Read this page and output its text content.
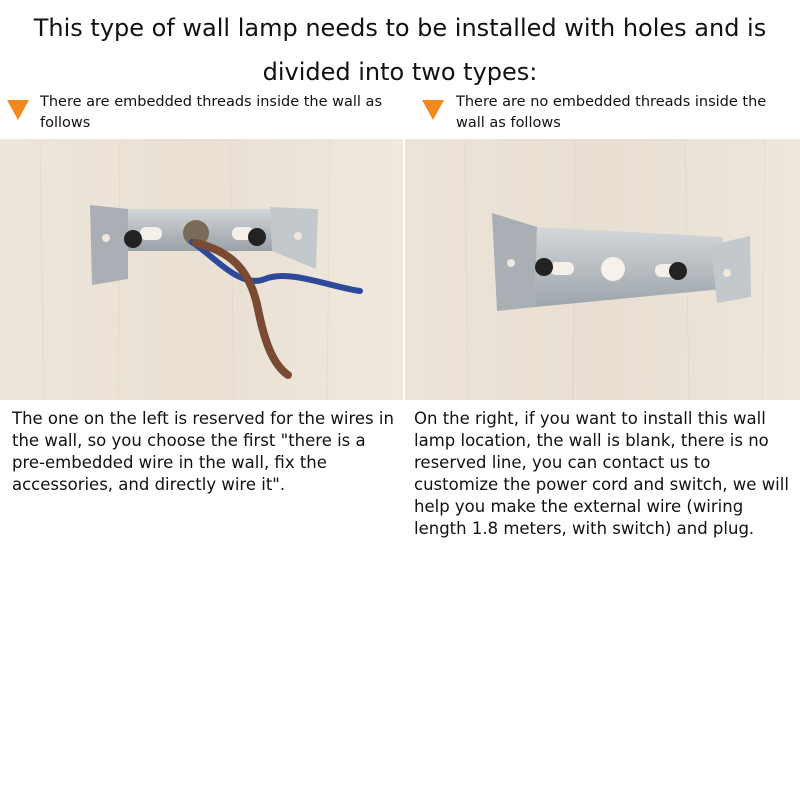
This type of wall lamp needs to be installed with holes and is
divided into two types:
There are embedded threads inside the wall as follows
There are no embedded threads inside the wall as follows
The one on the left is reserved for the wires in the wall, so you choose the first "there is a pre-embedded wire in the wall, fix the accessories, and directly wire it".
On the right, if you want to install this wall lamp location, the wall is blank, there is no reserved line, you can contact us to customize the power cord and switch, we will help you make the external wire (wiring length 1.8 meters, with switch) and plug.
